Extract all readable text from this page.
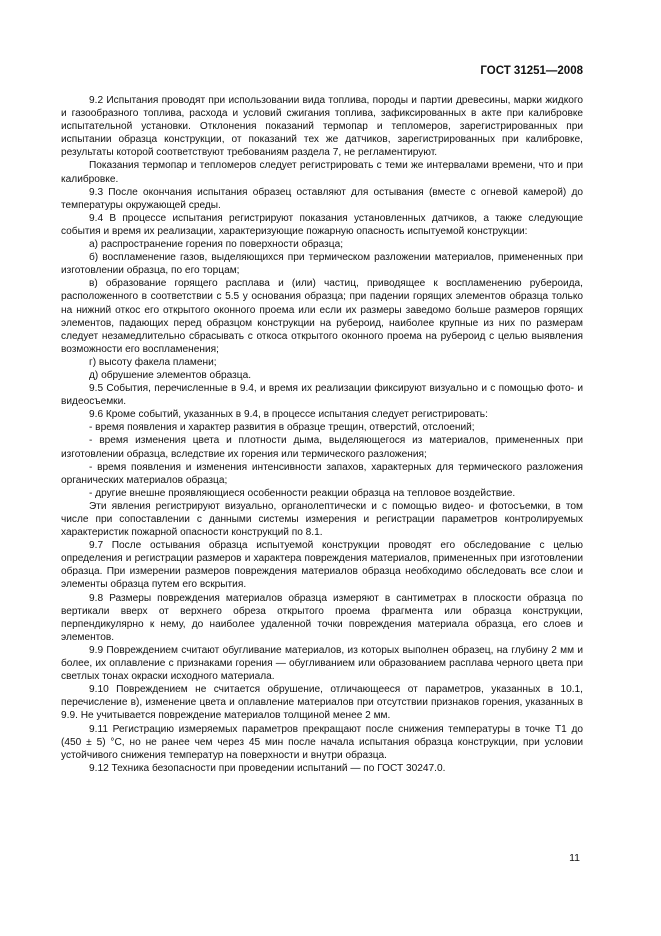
ГОСТ 31251—2008

9.2 Испытания проводят при использовании вида топлива, породы и партии древесины, марки жидкого и газообразного топлива, расхода и условий сжигания топлива, зафиксированных в акте при калибровке испытательной установки. Отклонения показаний термопар и тепломеров, зарегистрированных при испытании образца конструкции, от показаний тех же датчиков, зарегистрированных при калибровке, результаты которой соответствуют требованиям раздела 7, не регламентируют.

Показания термопар и тепломеров следует регистрировать с теми же интервалами времени, что и при калибровке.

9.3 После окончания испытания образец оставляют для остывания (вместе с огневой камерой) до температуры окружающей среды.

9.4 В процессе испытания регистрируют показания установленных датчиков, а также следующие события и время их реализации, характеризующие пожарную опасность испытуемой конструкции:

а) распространение горения по поверхности образца;

б) воспламенение газов, выделяющихся при термическом разложении материалов, примененных при изготовлении образца, по его торцам;

в) образование горящего расплава и (или) частиц, приводящее к воспламенению рубероида, расположенного в соответствии с 5.5 у основания образца; при падении горящих элементов образца только на нижний откос его открытого оконного проема или если их размеры заведомо больше размеров горящих элементов, падающих перед образцом конструкции на рубероид, наиболее крупные из них по размерам следует незамедлительно сбрасывать с откоса открытого оконного проема на рубероид с целью выявления возможности его воспламенения;

г) высоту факела пламени;

д) обрушение элементов образца.

9.5 События, перечисленные в 9.4, и время их реализации фиксируют визуально и с помощью фото- и видеосъемки.

9.6 Кроме событий, указанных в 9.4, в процессе испытания следует регистрировать:

- время появления и характер развития в образце трещин, отверстий, отслоений;

- время изменения цвета и плотности дыма, выделяющегося из материалов, примененных при изготовлении образца, вследствие их горения или термического разложения;

- время появления и изменения интенсивности запахов, характерных для термического разложения органических материалов образца;

- другие внешне проявляющиеся особенности реакции образца на тепловое воздействие.

Эти явления регистрируют визуально, органолептически и с помощью видео- и фотосъемки, в том числе при сопоставлении с данными системы измерения и регистрации параметров контролируемых характеристик пожарной опасности конструкций по 8.1.

9.7 После остывания образца испытуемой конструкции проводят его обследование с целью определения и регистрации размеров и характера повреждения материалов, примененных при изготовлении образца. При измерении размеров повреждения материалов образца необходимо обследовать все слои и элементы образца путем его вскрытия.

9.8 Размеры повреждения материалов образца измеряют в сантиметрах в плоскости образца по вертикали вверх от верхнего обреза открытого проема фрагмента или образца конструкции, перпендикулярно к нему, до наиболее удаленной точки повреждения материала образца, его слоев и элементов.

9.9 Повреждением считают обугливание материалов, из которых выполнен образец, на глубину 2 мм и более, их оплавление с признаками горения — обугливанием или образованием расплава черного цвета при светлых тонах окраски исходного материала.

9.10 Повреждением не считается обрушение, отличающееся от параметров, указанных в 10.1, перечисление в), изменение цвета и оплавление материалов при отсутствии признаков горения, указанных в 9.9. Не учитывается повреждение материалов толщиной менее 2 мм.

9.11 Регистрацию измеряемых параметров прекращают после снижения температуры в точке Т1 до (450 ± 5) °С, но не ранее чем через 45 мин после начала испытания образца конструкции, при условии устойчивого снижения температур на поверхности и внутри образца.

9.12 Техника безопасности при проведении испытаний — по ГОСТ 30247.0.

11
